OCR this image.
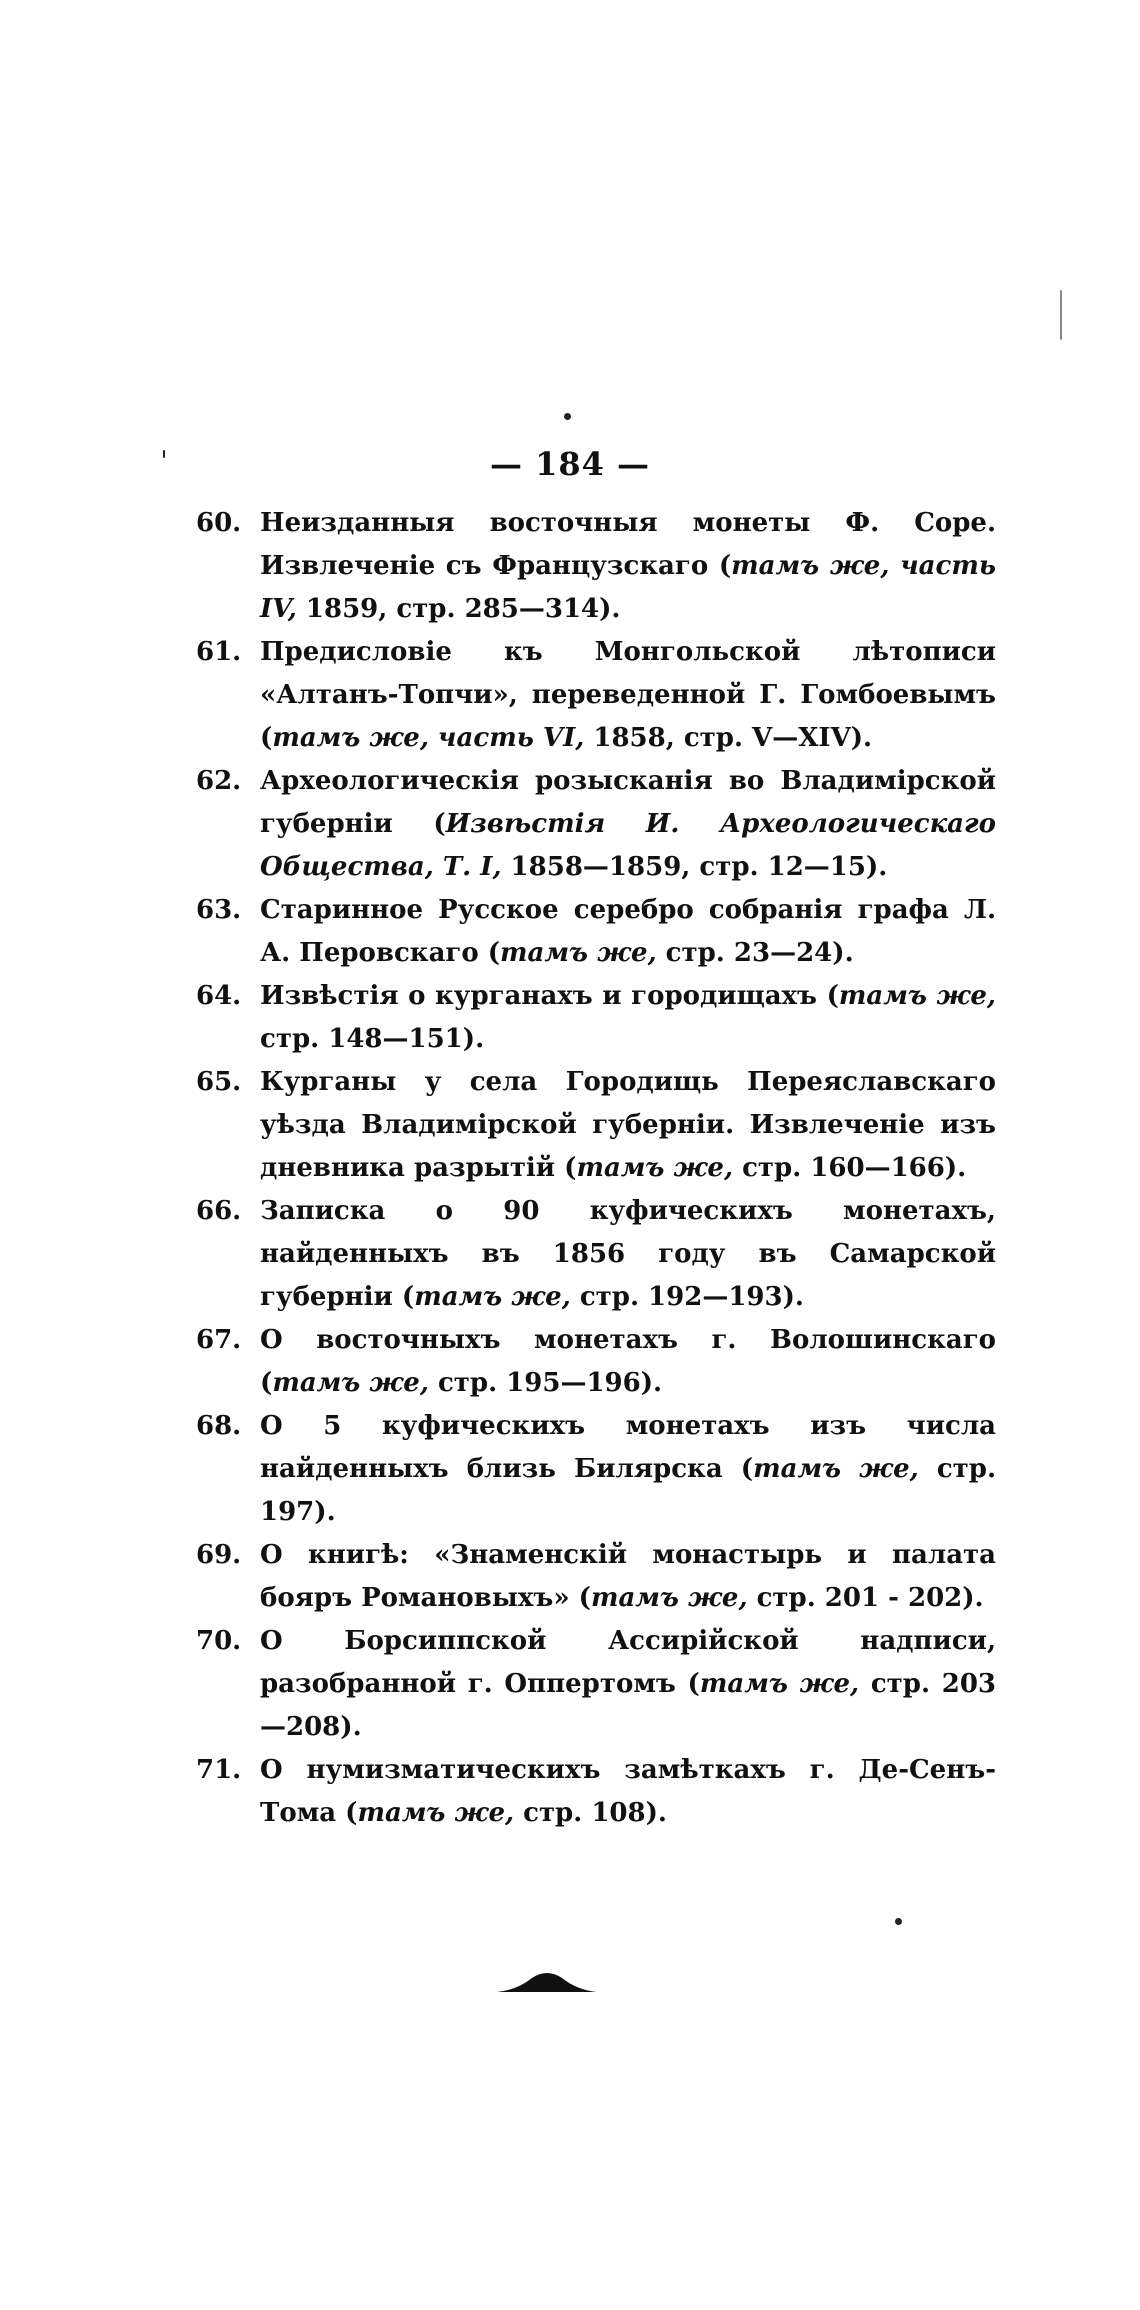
— 184 —
60. Неизданныя восточныя монеты Ф. Соре. Извлеченіе съ Французскаго (тамъ же, часть IV, 1859, стр. 285—314).
61. Предисловіе къ Монгольской лѣтописи «Алтанъ-Топчи», переведенной Г. Гомбоевымъ (тамъ же, часть VI, 1858, стр. V—XIV).
62. Археологическія розысканія во Владимірской губерніи (Извѣстія И. Археологическаго Общества, Т. I, 1858—1859, стр. 12—15).
63. Старинное Русское серебро собранія графа Л. А. Перовскаго (тамъ же, стр. 23—24).
64. Извѣстія о курганахъ и городищахъ (тамъ же, стр. 148—151).
65. Курганы у села Городищь Переяславскаго уѣзда Владимірской губерніи. Извлеченіе изъ дневника разрытій (тамъ же, стр. 160—166).
66. Записка о 90 куфическихъ монетахъ, найденныхъ въ 1856 году въ Самарской губерніи (тамъ же, стр. 192—193).
67. О восточныхъ монетахъ г. Волошинскаго (тамъ же, стр. 195—196).
68. О 5 куфическихъ монетахъ изъ числа найденныхъ близь Билярска (тамъ же, стр. 197).
69. О книгѣ: «Знаменскій монастырь и палата бояръ Романовыхъ» (тамъ же, стр. 201 - 202).
70. О Борсиппской Ассирійской надписи, разобранной г. Оппертомъ (тамъ же, стр. 203—208).
71. О нумизматическихъ замѣткахъ г. Де-Сенъ-Тома (тамъ же, стр. 108).
